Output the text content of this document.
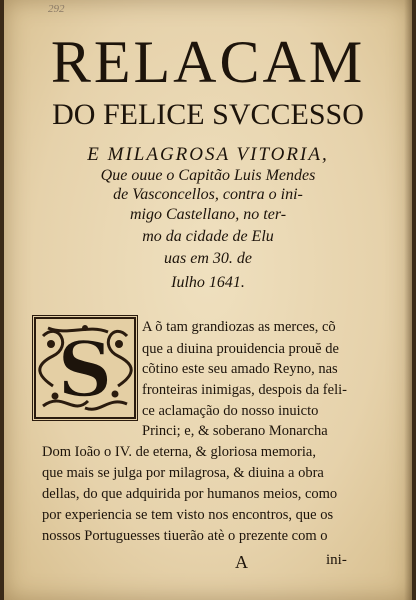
292
RELACAM
DO FELICE SVCCESSO
E MILAGROSA VITORIA,
Que ouue o Capitão Luis Mendes
de Vasconcellos, contra o ini-
migo Castellano, no ter-
mo da cidade de Elu
uas em 30. de
Iulho 1641.
S A õ tam grandiozas as merces, cõ
que a diuina prouidencia prouĕ de
cõtino este seu amado Reyno, nas
fronteiras inimigas, despois da feli-
ce aclamação do nosso inuicto
Princi; e, & soberano Monarcha
Dom Ioão o IV. de eterna, & gloriosa memoria,
que mais se julga por milagrosa, & diuina a obra
dellas, do que adquirida por humanos meios, como
por experiencia se tem visto nos encontros, que os
nossos Portuguesses tiuerão atè o prezente com o
A	ini-
